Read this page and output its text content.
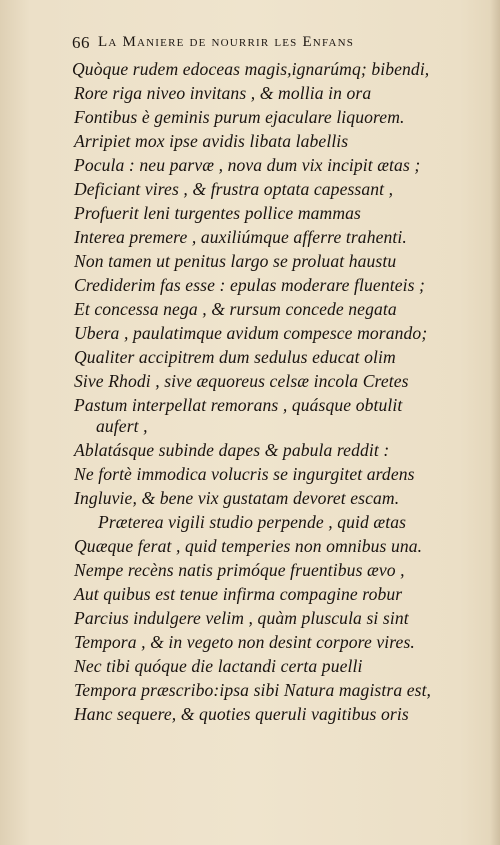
66 La Maniere de nourrir les Enfans
Quòque rudem edoceas magis,ignarúmq; bibendi,
Rore riga niveo invitans , & mollia in ora
Fontibus è geminis purum ejaculare liquorem.
Arripiet mox ipse avidis libata labellis
Pocula : neu parvæ , nova dum vix incipit ætas ;
Deficiant vires , & frustra optata capessant ,
Profuerit leni turgentes pollice mammas
Interea premere , auxiliúmque afferre trahenti.
Non tamen ut penitus largo se proluat haustu
Crediderim fas esse : epulas moderare fluenteis ;
Et concessa nega , & rursum concede negata
Ubera , paulatimque avidum compesce morando;
Qualiter accipitrem dum sedulus educat olim
Sive Rhodi , sive æquoreus celsæ incola Cretes
Pastum interpellat remorans , quásque obtulit
aufert ,
Ablatásque subinde dapes & pabula reddit :
Ne fortè immodica volucris se ingurgitet ardens
Ingluvie, & bene vix gustatam devoret escam.
Præterea vigili studio perpende , quid ætas
Quæque ferat , quid temperies non omnibus una.
Nempe recèns natis primóque fruentibus ævo ,
Aut quibus est tenue infirma compagine robur
Parcius indulgere velim , quàm pluscula si sint
Tempora , & in vegeto non desint corpore vires.
Nec tibi quóque die lactandi certa puelli
Tempora præscribo:ipsa sibi Natura magistra est,
Hanc sequere, & quoties queruli vagitibus oris
